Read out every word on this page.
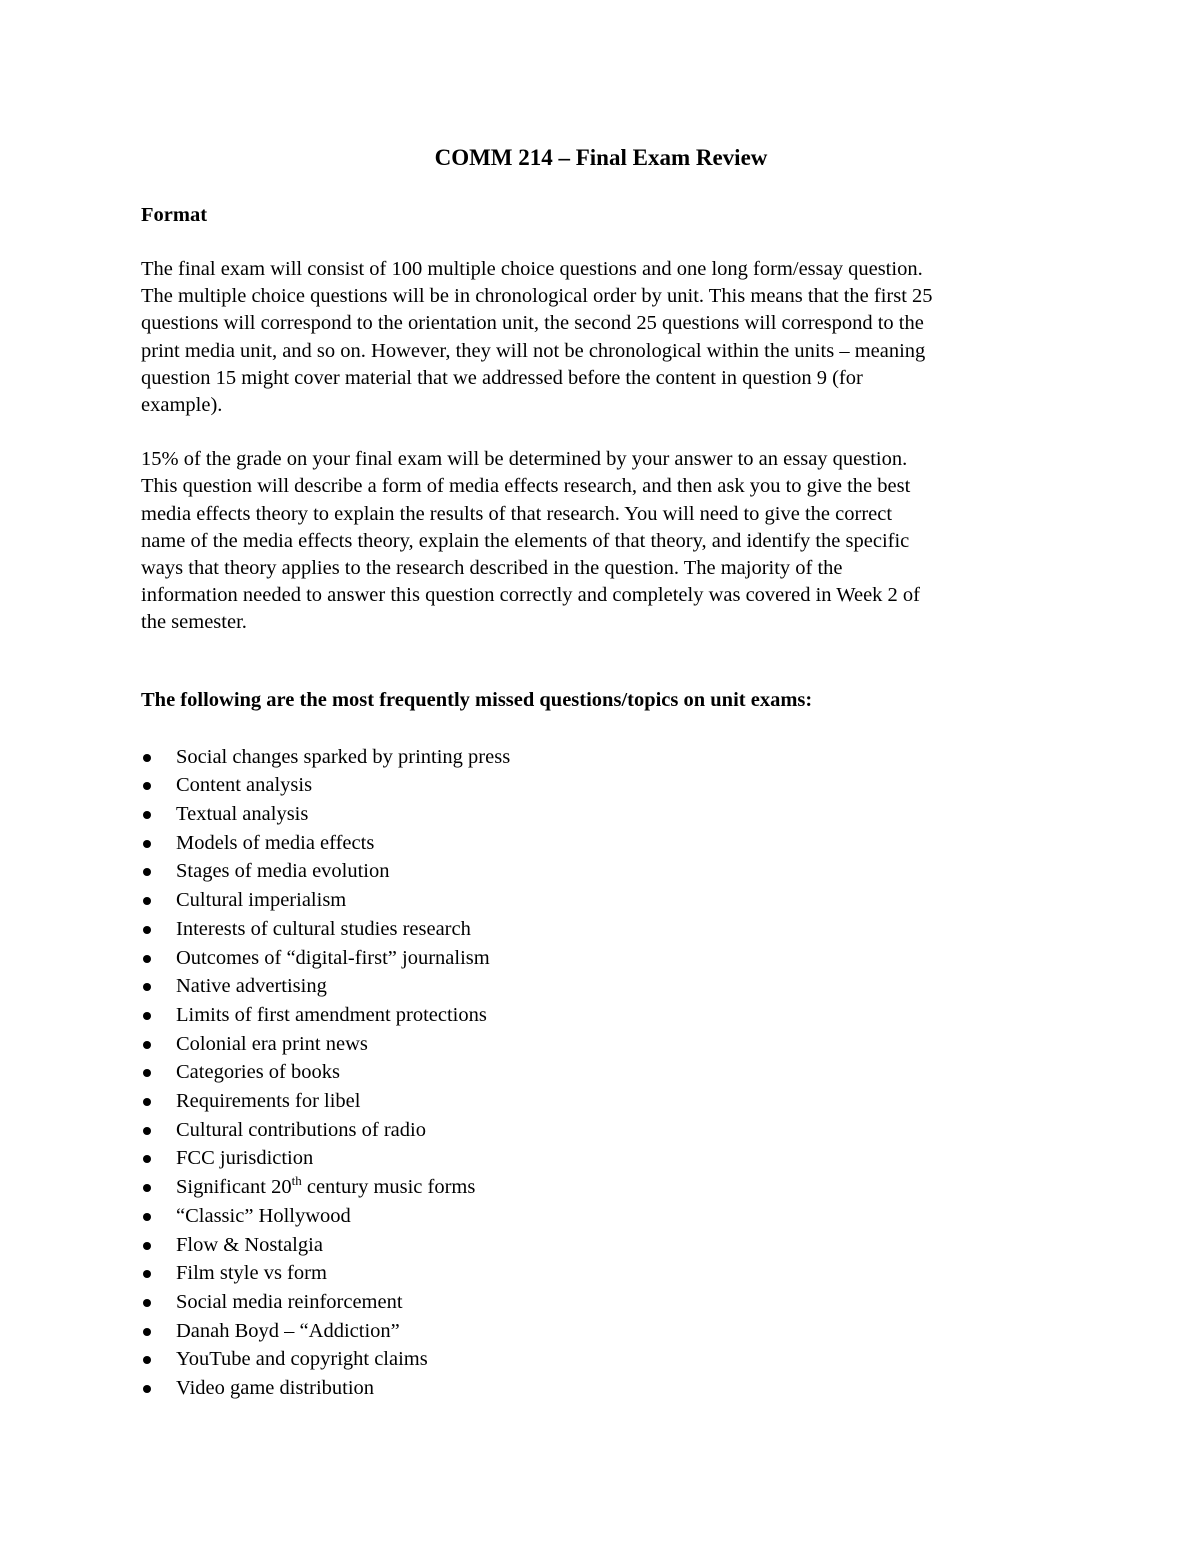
COMM 214 – Final Exam Review
Format
The final exam will consist of 100 multiple choice questions and one long form/essay question.
The multiple choice questions will be in chronological order by unit. This means that the first 25
questions will correspond to the orientation unit, the second 25 questions will correspond to the
print media unit, and so on. However, they will not be chronological within the units – meaning
question 15 might cover material that we addressed before the content in question 9 (for
example).
15% of the grade on your final exam will be determined by your answer to an essay question.
This question will describe a form of media effects research, and then ask you to give the best
media effects theory to explain the results of that research. You will need to give the correct
name of the media effects theory, explain the elements of that theory, and identify the specific
ways that theory applies to the research described in the question. The majority of the
information needed to answer this question correctly and completely was covered in Week 2 of
the semester.
The following are the most frequently missed questions/topics on unit exams:
Social changes sparked by printing press
Content analysis
Textual analysis
Models of media effects
Stages of media evolution
Cultural imperialism
Interests of cultural studies research
Outcomes of “digital-first” journalism
Native advertising
Limits of first amendment protections
Colonial era print news
Categories of books
Requirements for libel
Cultural contributions of radio
FCC jurisdiction
Significant 20th century music forms
“Classic” Hollywood
Flow & Nostalgia
Film style vs form
Social media reinforcement
Danah Boyd – “Addiction”
YouTube and copyright claims
Video game distribution
